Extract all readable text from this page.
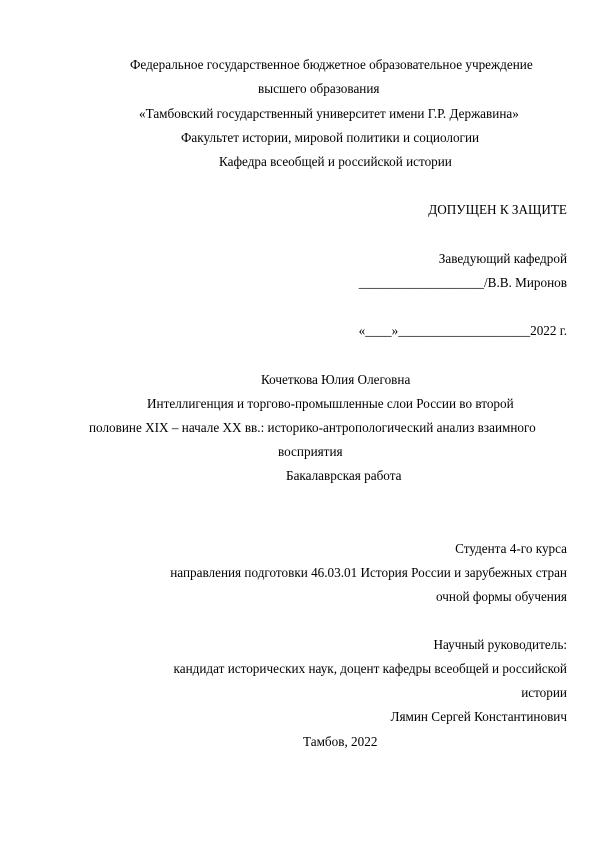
Федеральное государственное бюджетное образовательное учреждение
высшего образования
«Тамбовский государственный университет имени Г.Р. Державина»
Факультет истории, мировой политики и социологии
Кафедра всеобщей и российской истории
ДОПУЩЕН К ЗАЩИТЕ
Заведующий кафедрой
___________________/В.В. Миронов
«____»____________________2022 г.
Кочеткова Юлия Олеговна
Интеллигенция и торгово-промышленные слои России во второй
половине XIX – начале XX вв.: историко-антропологический анализ взаимного
восприятия
Бакалаврская работа
Студента 4-го курса
направления подготовки 46.03.01 История России и зарубежных стран
очной формы обучения
Научный руководитель:
кандидат исторических наук, доцент кафедры всеобщей и российской
истории
Лямин Сергей Константинович
Тамбов, 2022
